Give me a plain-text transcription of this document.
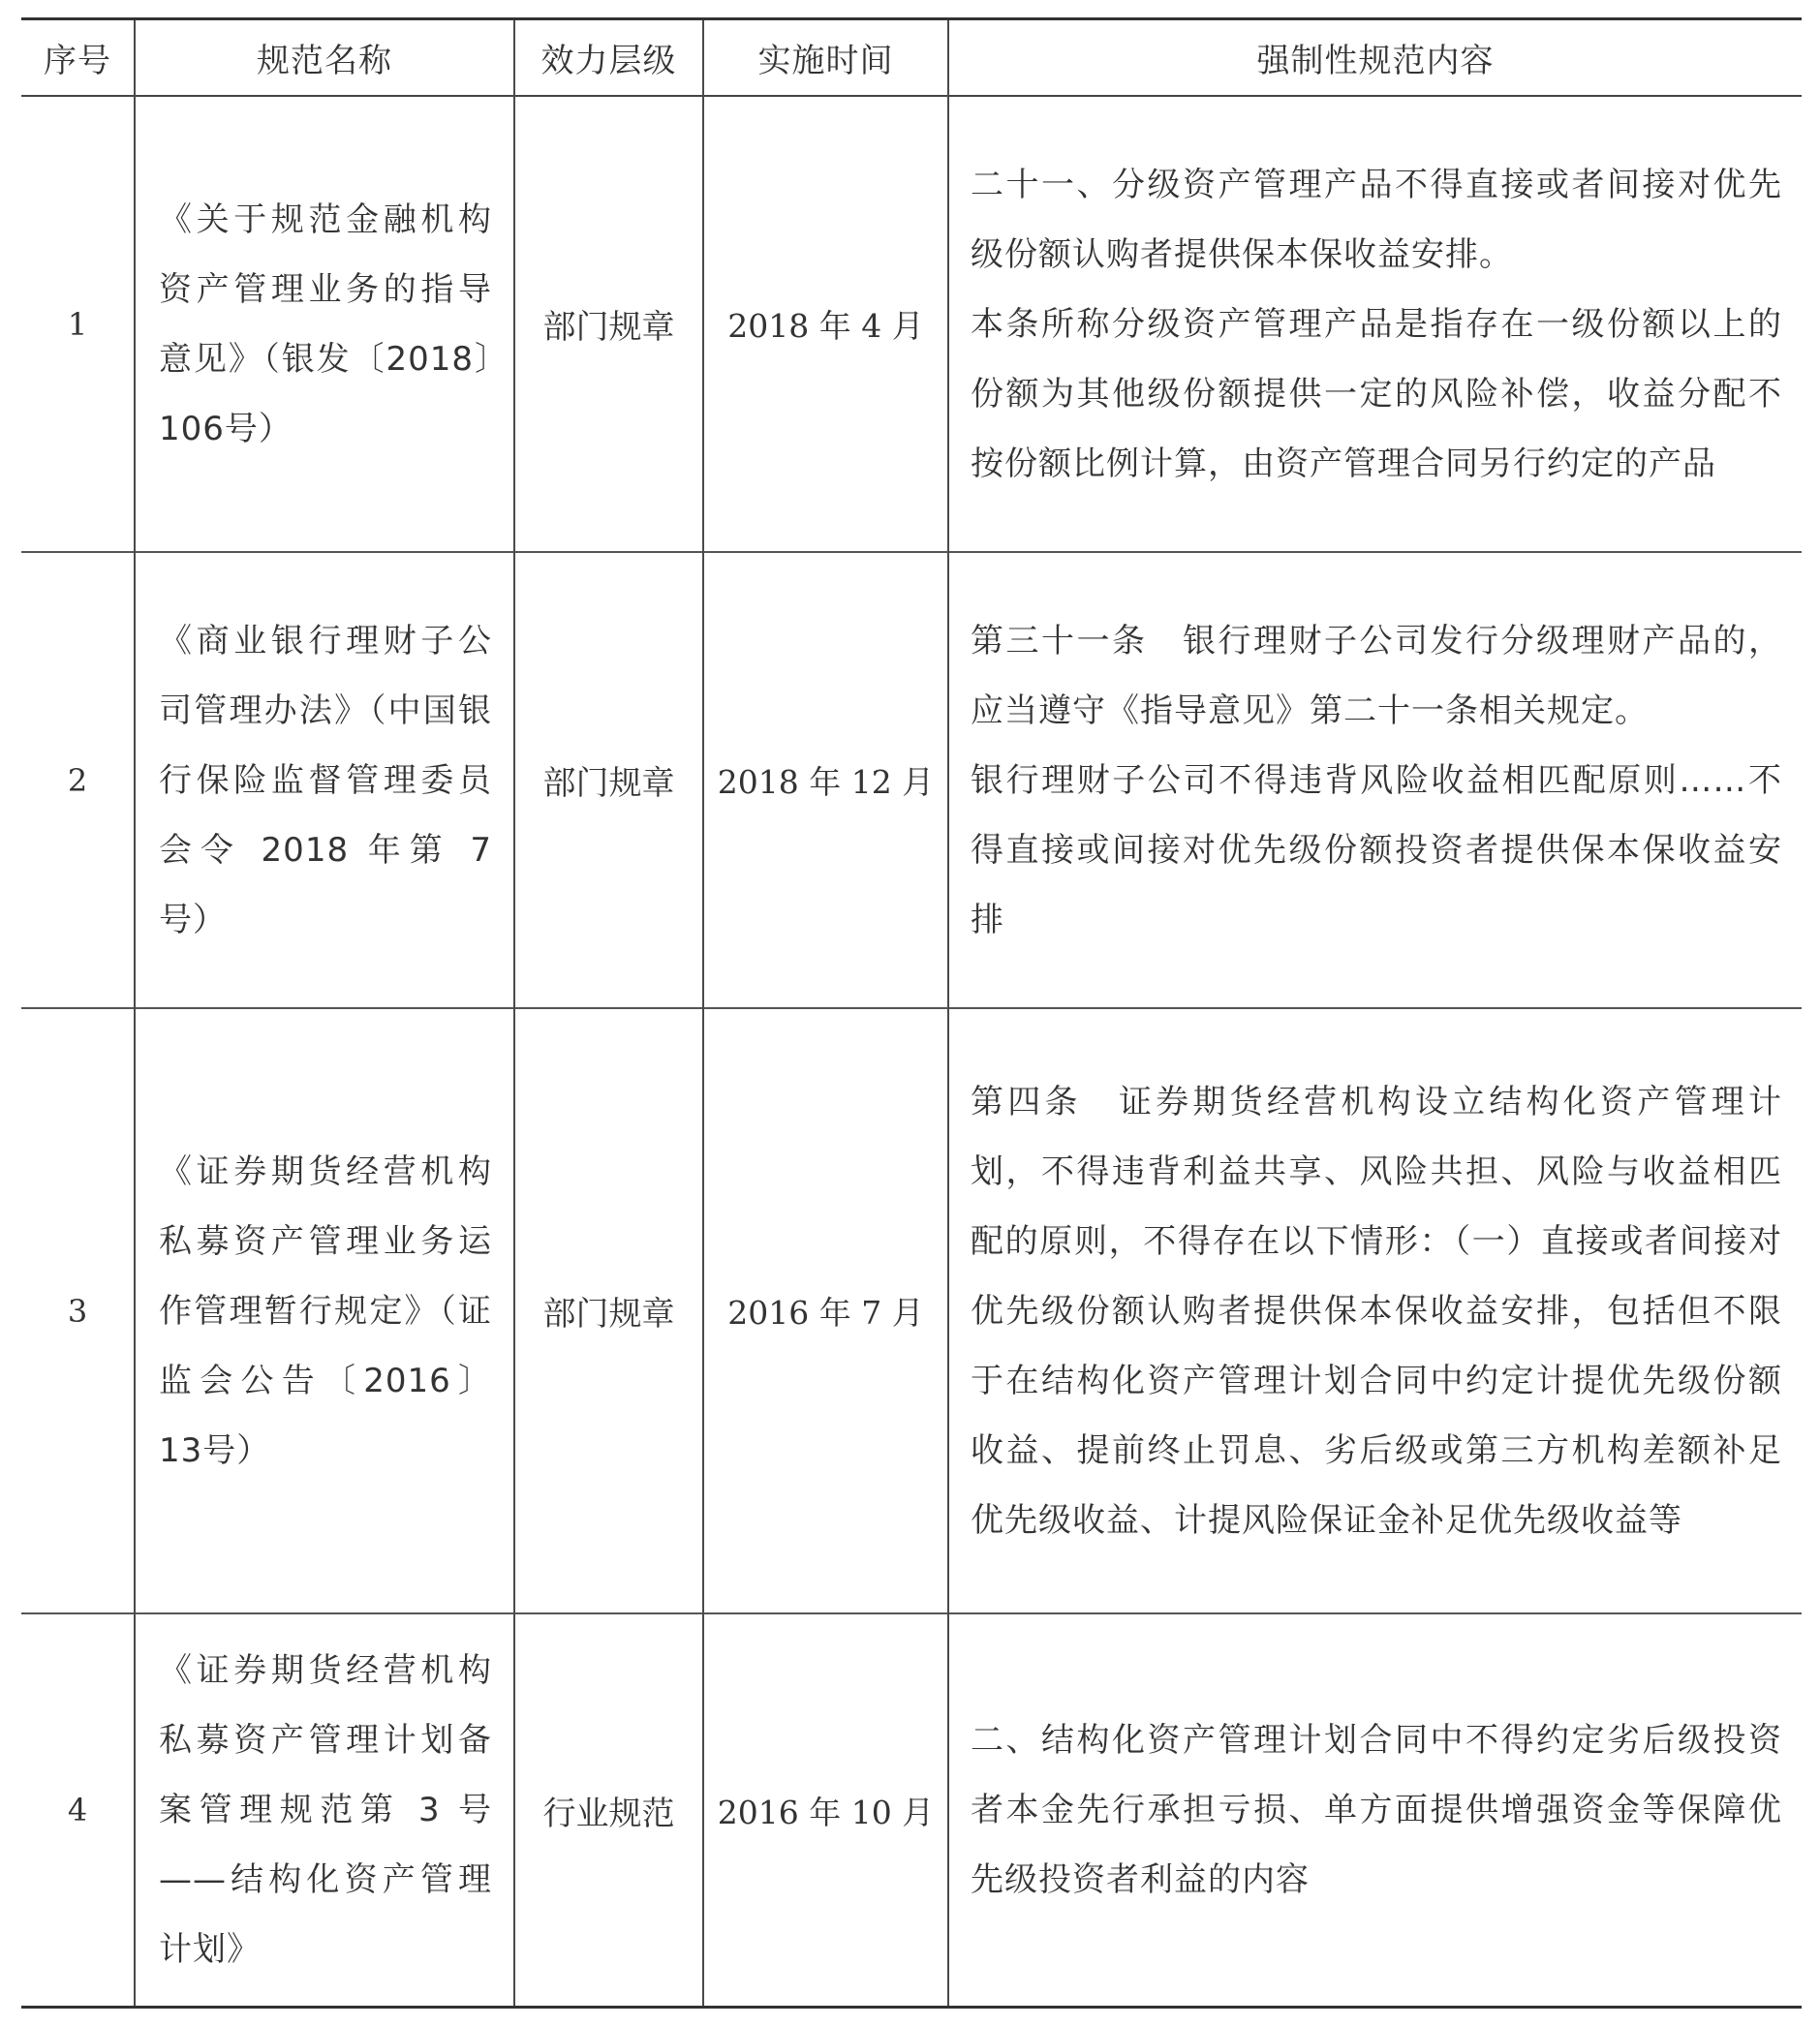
序号	规范名称	效力层级	实施时间	强制性规范内容
1	《关于规范金融机构资产管理业务的指导意见》（银发〔2018〕106号）	部门规章	2018 年 4 月	二十一、分级资产管理产品不得直接或者间接对优先级份额认购者提供保本保收益安排。

本条所称分级资产管理产品是指存在一级份额以上的份额为其他级份额提供一定的风险补偿，收益分配不按份额比例计算，由资产管理合同另行约定的产品

2	《商业银行理财子公司管理办法》（中国银行保险监督管理委员会令 2018 年第 7 号）	部门规章	2018 年 12 月	第三十一条　银行理财子公司发行分级理财产品的，应当遵守《指导意见》第二十一条相关规定。

银行理财子公司不得违背风险收益相匹配原则……不得直接或间接对优先级份额投资者提供保本保收益安排

3	《证券期货经营机构私募资产管理业务运作管理暂行规定》（证监会公告〔2016〕13号）	部门规章	2016 年 7 月	第四条　证券期货经营机构设立结构化资产管理计划，不得违背利益共享、风险共担、风险与收益相匹配的原则，不得存在以下情形：（一）直接或者间接对优先级份额认购者提供保本保收益安排，包括但不限于在结构化资产管理计划合同中约定计提优先级份额收益、提前终止罚息、劣后级或第三方机构差额补足优先级收益、计提风险保证金补足优先级收益等

4	《证券期货经营机构私募资产管理计划备案管理规范第 3 号——结构化资产管理计划》	行业规范	2016 年 10 月	二、结构化资产管理计划合同中不得约定劣后级投资者本金先行承担亏损、单方面提供增强资金等保障优先级投资者利益的内容
